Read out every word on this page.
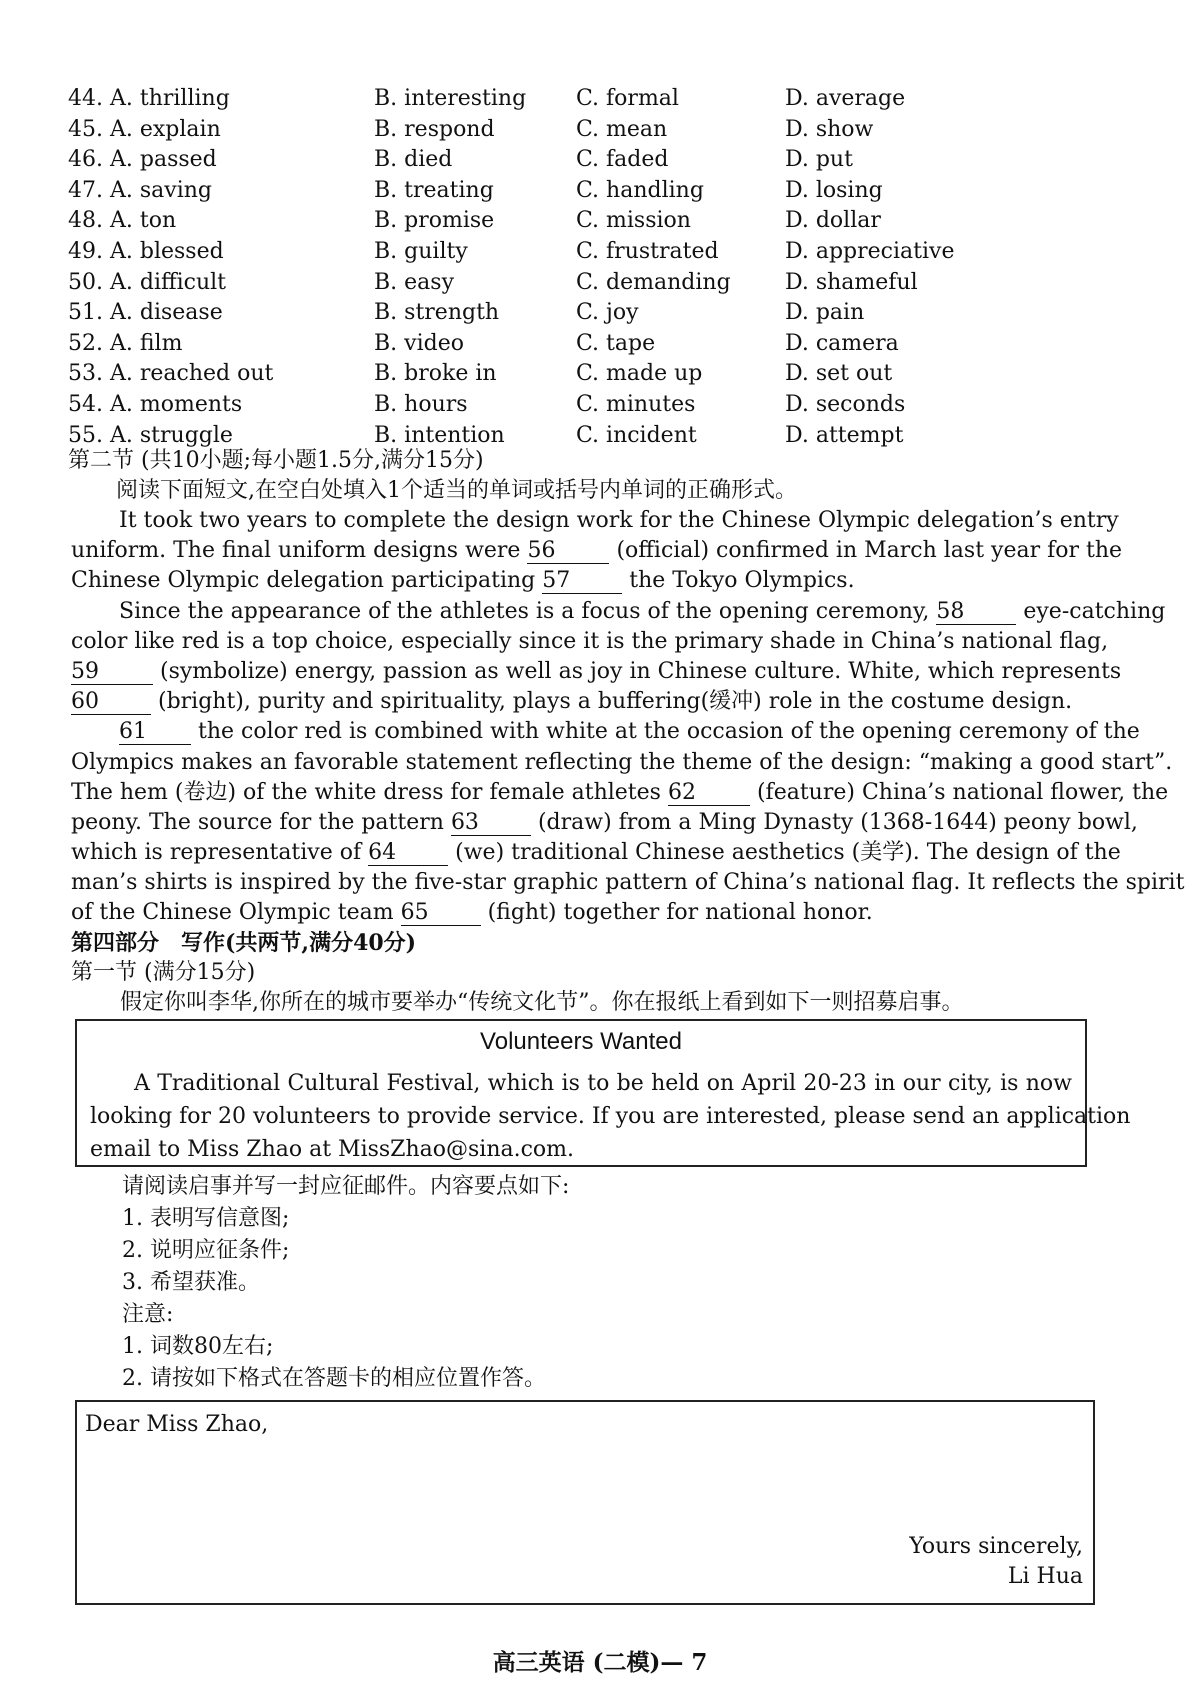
44. A. thrilling	B. interesting C. formal	D. average
45. A. explain	B. respond	C. mean	D. show
46. A. passed	B. died	C. faded	D. put
47. A. saving	B. treating	C. handling	D. losing
48. A. ton	B. promise	C. mission	D. dollar
49. A. blessed	B. guilty	C. frustrated	D. appreciative
50. A. difficult	B. easy	C. demanding D. shameful
51. A. disease	B. strength	C. joy	D. pain
52. A. film	B. video	C. tape	D. camera
53. A. reached out	B. broke in	C. made up	D. set out
54. A. moments	B. hours	C. minutes	D. seconds
55. A. struggle	B. intention	C. incident	D. attempt
第二节 (共10小题;每小题1.5分,满分15分)
阅读下面短文,在空白处填入1个适当的单词或括号内单词的正确形式。
It took two years to complete the design work for the Chinese Olympic delegation’s entry
uniform. The final uniform designs were 56	(official) confirmed in March last year for the
Chinese Olympic delegation participating 57	the Tokyo Olympics.
Since the appearance of the athletes is a focus of the opening ceremony, 58	eye-catching
color like red is a top choice, especially since it is the primary shade in China’s national flag,
59	(symbolize) energy, passion as well as joy in Chinese culture. White, which represents
60	(bright), purity and spirituality, plays a buffering(缓冲) role in the costume design.
61 the color red is combined with white at the occasion of the opening ceremony of the
Olympics makes an favorable statement reflecting the theme of the design: “making a good start”.
The hem (卷边) of the white dress for female athletes 62	(feature) China’s national flower, the
peony. The source for the pattern 63	(draw) from a Ming Dynasty (1368-1644) peony bowl,
which is representative of 64	(we) traditional Chinese aesthetics (美学). The design of the
man’s shirts is inspired by the five-star graphic pattern of China’s national flag. It reflects the spirit
of the Chinese Olympic team 65	(fight) together for national honor.
第四部分　写作(共两节,满分40分)
第一节 (满分15分)
假定你叫李华,你所在的城市要举办“传统文化节”。你在报纸上看到如下一则招募启事。
Volunteers Wanted
A Traditional Cultural Festival, which is to be held on April 20-23 in our city, is now
looking for 20 volunteers to provide service. If you are interested, please send an application
email to Miss Zhao at MissZhao@sina.com.
请阅读启事并写一封应征邮件。内容要点如下:
1. 表明写信意图;
2. 说明应征条件;
3. 希望获准。
注意:
1. 词数80左右;
2. 请按如下格式在答题卡的相应位置作答。
Dear Miss Zhao,
Yours sincerely,
Li Hua
高三英语 (二模)— 7
